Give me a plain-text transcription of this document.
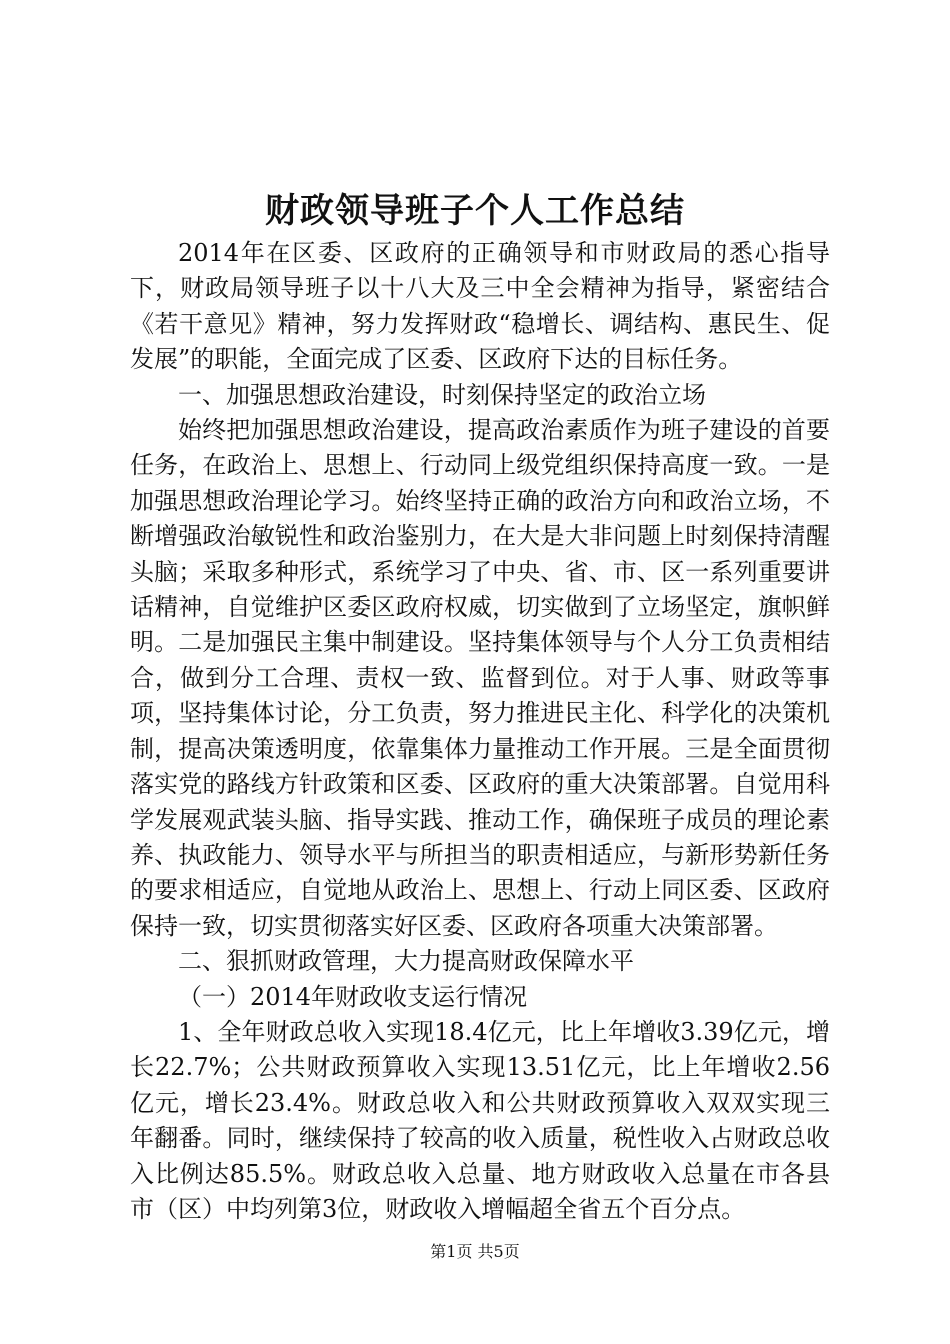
财政领导班子个人工作总结

2014年在区委、区政府的正确领导和市财政局的悉心指导下，财政局领导班子以十八大及三中全会精神为指导，紧密结合《若干意见》精神，努力发挥财政“稳增长、调结构、惠民生、促发展”的职能，全面完成了区委、区政府下达的目标任务。

一、加强思想政治建设，时刻保持坚定的政治立场

始终把加强思想政治建设，提高政治素质作为班子建设的首要任务，在政治上、思想上、行动同上级党组织保持高度一致。一是加强思想政治理论学习。始终坚持正确的政治方向和政治立场，不断增强政治敏锐性和政治鉴别力，在大是大非问题上时刻保持清醒头脑；采取多种形式，系统学习了中央、省、市、区一系列重要讲话精神，自觉维护区委区政府权威，切实做到了立场坚定，旗帜鲜明。二是加强民主集中制建设。坚持集体领导与个人分工负责相结合，做到分工合理、责权一致、监督到位。对于人事、财政等事项，坚持集体讨论，分工负责，努力推进民主化、科学化的决策机制，提高决策透明度，依靠集体力量推动工作开展。三是全面贯彻落实党的路线方针政策和区委、区政府的重大决策部署。自觉用科学发展观武装头脑、指导实践、推动工作，确保班子成员的理论素养、执政能力、领导水平与所担当的职责相适应，与新形势新任务的要求相适应，自觉地从政治上、思想上、行动上同区委、区政府保持一致，切实贯彻落实好区委、区政府各项重大决策部署。

二、狠抓财政管理，大力提高财政保障水平

（一）2014年财政收支运行情况

1、全年财政总收入实现18.4亿元，比上年增收3.39亿元，增长22.7%；公共财政预算收入实现13.51亿元，比上年增收2.56亿元，增长23.4%。财政总收入和公共财政预算收入双双实现三年翻番。同时，继续保持了较高的收入质量，税性收入占财政总收入比例达85.5%。财政总收入总量、地方财政收入总量在市各县市（区）中均列第3位，财政收入增幅超全省五个百分点。

第1页 共5页
